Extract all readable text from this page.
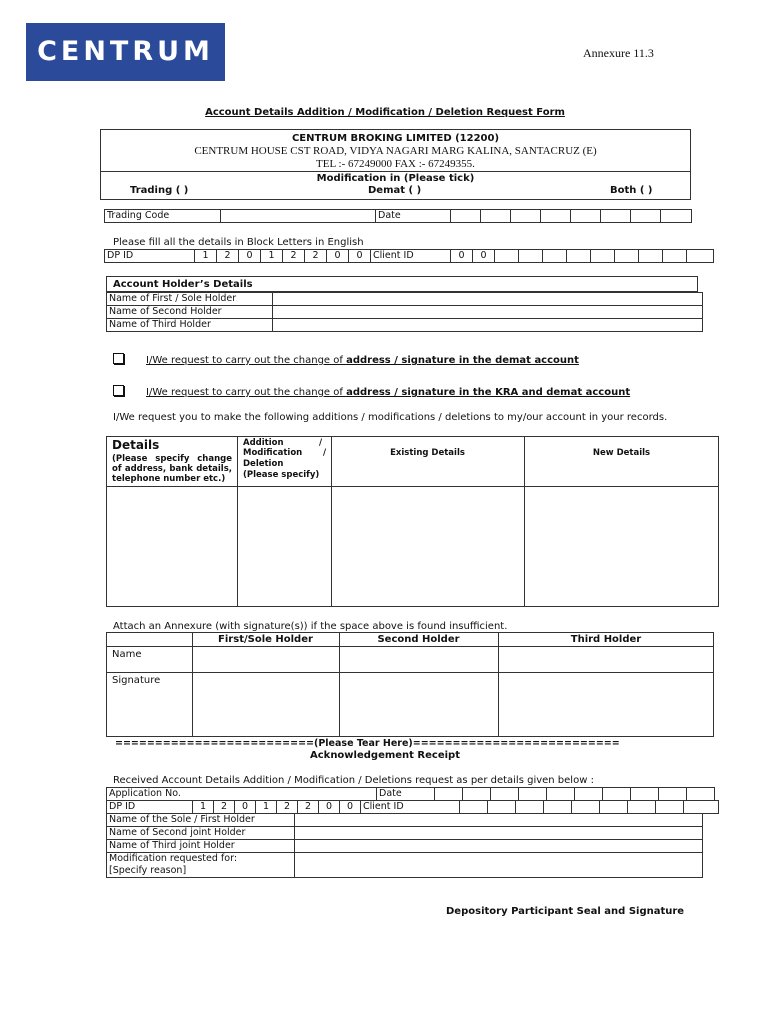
CENTRUM	Annexure 11.3
Account Details Addition / Modification / Deletion Request Form
CENTRUM BROKING LIMITED (12200)
CENTRUM HOUSE CST ROAD, VIDYA NAGARI MARG KALINA, SANTACRUZ (E)
TEL :- 67249000 FAX :- 67249355.
Modification in (Please tick)
Trading ( )	Demat ( )	Both ( )
Trading Code		Date								
Please fill all the details in Block Letters in English
DP ID	1	2	0	1	2	2	0	0	Client ID	0	0									
Account Holder’s Details
Name of First / Sole Holder	
Name of Second Holder	
Name of Third Holder	
I/We request to carry out the change of address / signature in the demat account
I/We request to carry out the change of address / signature in the KRA and demat account
I/We request you to make the following additions / modifications / deletions to my/our account in your records.
Details
(Please specify change of address, bank details, telephone number etc.)
Addition            /
Modification       /
Deletion
(Please specify)
Existing Details	New Details
Attach an Annexure (with signature(s)) if the space above is found insufficient.
First/Sole Holder	Second Holder	Third Holder
Name
Signature
=========================(Please Tear Here)==========================
Acknowledgement Receipt
Received Account Details Addition / Modification / Deletions request as per details given below :
Application No.	Date										
DP ID	1	2	0	1	2	2	0	0	Client ID									
Name of the Sole / First Holder	
Name of Second joint Holder	
Name of Third joint Holder	

Modification requested for:
[Specify reason]	

Depository Participant Seal and Signature
